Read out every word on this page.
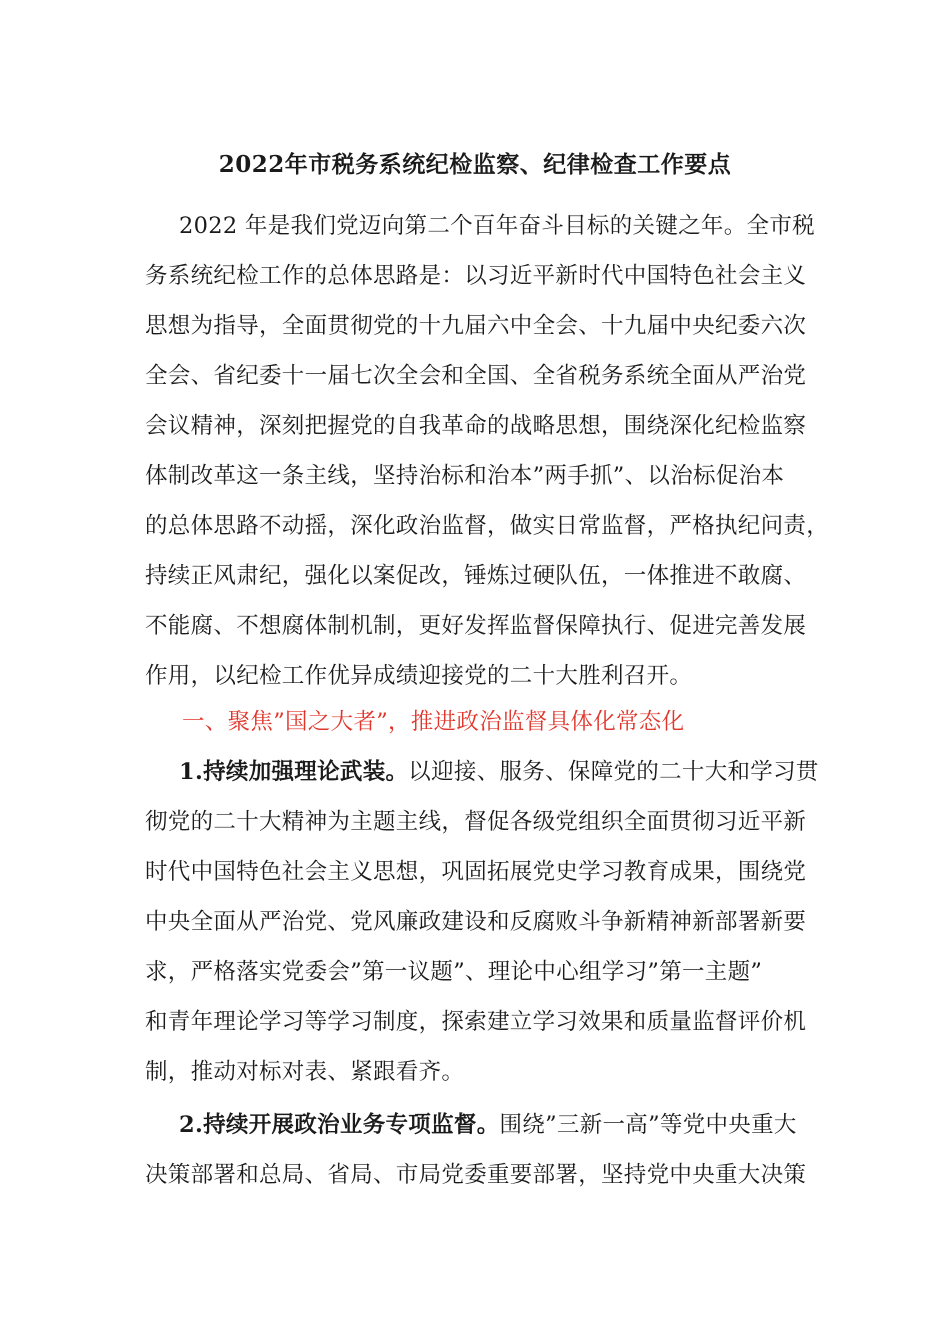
2022年市税务系统纪检监察、纪律检查工作要点
2022 年是我们党迈向第二个百年奋斗目标的关键之年。全市税
务系统纪检工作的总体思路是：以习近平新时代中国特色社会主义
思想为指导，全面贯彻党的十九届六中全会、十九届中央纪委六次
全会、省纪委十一届七次全会和全国、全省税务系统全面从严治党
会议精神，深刻把握党的自我革命的战略思想，围绕深化纪检监察
体制改革这一条主线，坚持治标和治本”两手抓”、以治标促治本
的总体思路不动摇，深化政治监督，做实日常监督，严格执纪问责，
持续正风肃纪，强化以案促改，锤炼过硬队伍，一体推进不敢腐、
不能腐、不想腐体制机制，更好发挥监督保障执行、促进完善发展
作用，以纪检工作优异成绩迎接党的二十大胜利召开。
一、聚焦”国之大者”，推进政治监督具体化常态化
1.持续加强理论武装。以迎接、服务、保障党的二十大和学习贯
彻党的二十大精神为主题主线，督促各级党组织全面贯彻习近平新
时代中国特色社会主义思想，巩固拓展党史学习教育成果，围绕党
中央全面从严治党、党风廉政建设和反腐败斗争新精神新部署新要
求，严格落实党委会”第一议题”、理论中心组学习”第一主题”
和青年理论学习等学习制度，探索建立学习效果和质量监督评价机
制，推动对标对表、紧跟看齐。
2.持续开展政治业务专项监督。围绕”三新一高”等党中央重大
决策部署和总局、省局、市局党委重要部署，坚持党中央重大决策
